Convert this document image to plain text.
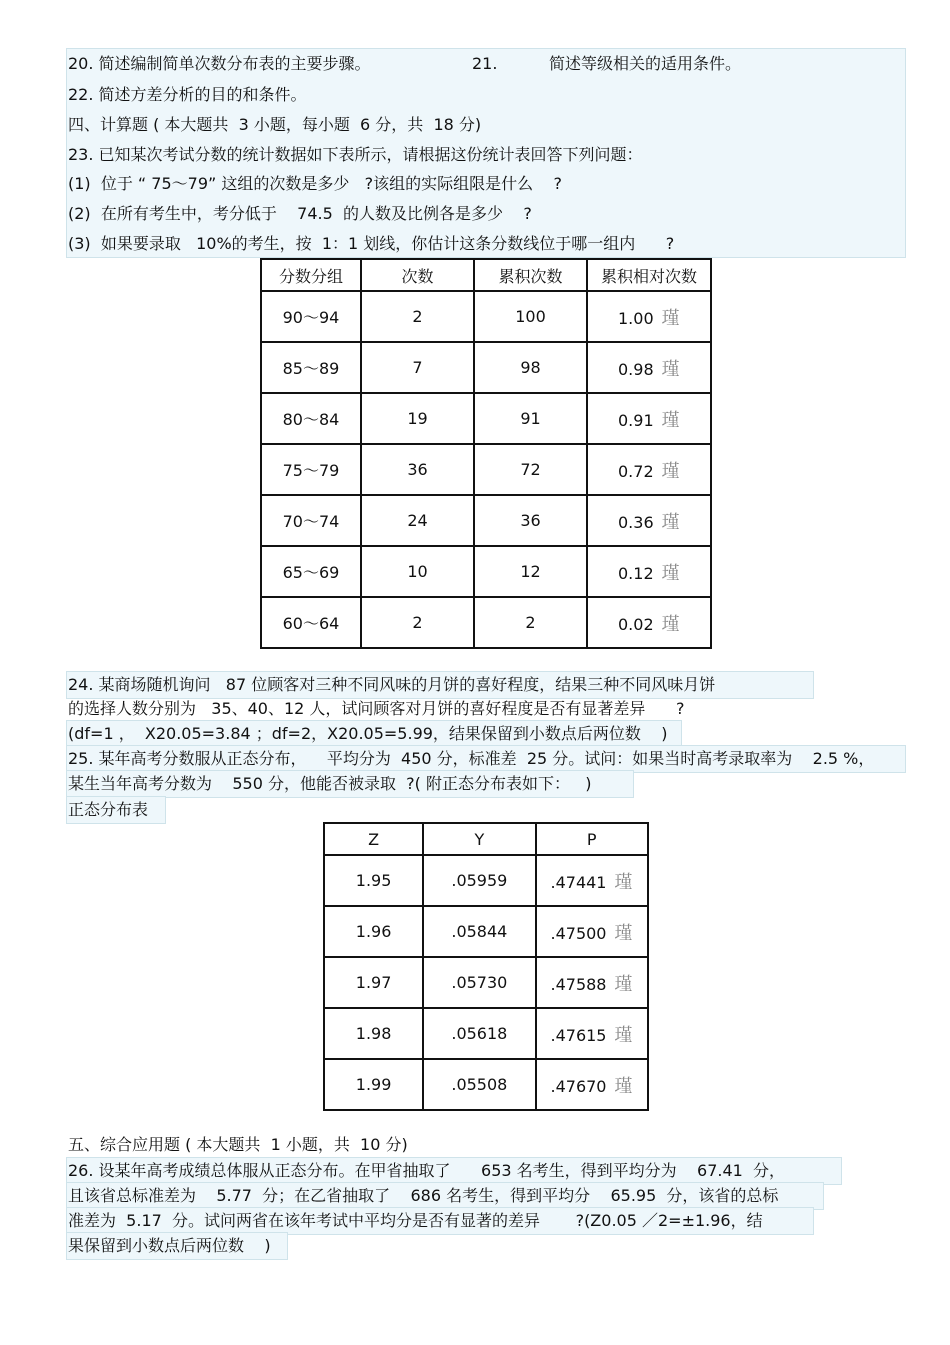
20. 简述编制简单次数分布表的主要步骤。	21.	简述等级相关的适用条件。
22. 简述方差分析的目的和条件。
四、计算题 ( 本大题共  3 小题，每小题  6 分，共  18 分)
23. 已知某次考试分数的统计数据如下表所示，请根据这份统计表回答下列问题：
(1)  位于 “ 75～79” 这组的次数是多少   ?该组的实际组限是什么    ?
(2)  在所有考生中，考分低于    74.5  的人数及比例各是多少    ?
(3)  如果要录取   10%的考生，按  1：1 划线，你估计这条分数线位于哪一组内      ?
分数分组	次数	累积次数	累积相对次数
90～94	2	100	1.00 瑾
85～89	7	98	0.98 瑾
80～84	19	91	0.91 瑾
75～79	36	72	0.72 瑾
70～74	24	36	0.36 瑾
65～69	10	12	0.12 瑾
60～64	2	2	0.02 瑾
24. 某商场随机询问   87 位顾客对三种不同风味的月饼的喜好程度，结果三种不同风味月饼
的选择人数分别为   35、40、12 人，试问顾客对月饼的喜好程度是否有显著差异      ?
(df=1 ，  X20.05=3.84 ；df=2，X20.05=5.99，结果保留到小数点后两位数    )
25. 某年高考分数服从正态分布，    平均分为  450 分，标准差  25 分。试问：如果当时高考录取率为    2.5 %，
某生当年高考分数为    550 分，他能否被录取  ?( 附正态分布表如下：   )
正态分布表
Z	Y	P
1.95	.05959	.47441 瑾
1.96	.05844	.47500 瑾
1.97	.05730	.47588 瑾
1.98	.05618	.47615 瑾
1.99	.05508	.47670 瑾
五、综合应用题 ( 本大题共  1 小题，共  10 分)
26. 设某年高考成绩总体服从正态分布。在甲省抽取了      653 名考生，得到平均分为    67.41  分，
且该省总标准差为    5.77  分；在乙省抽取了    686 名考生，得到平均分    65.95  分，该省的总标
准差为  5.17  分。试问两省在该年考试中平均分是否有显著的差异       ?(Z0.05 ／2=±1.96，结
果保留到小数点后两位数    )
